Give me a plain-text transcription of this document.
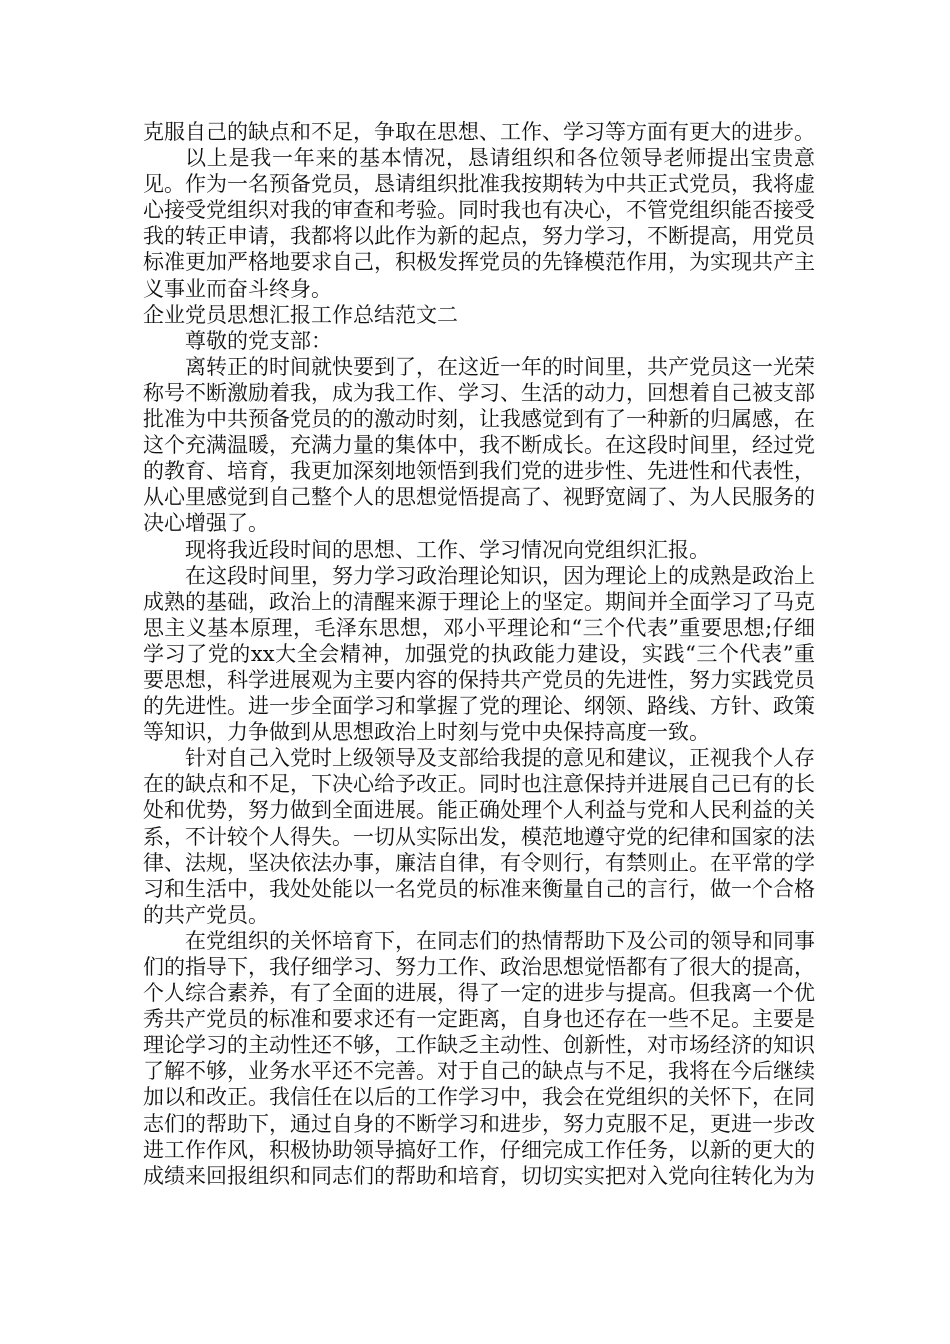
克服自己的缺点和不足，争取在思想、工作、学习等方面有更大的进步。

以上是我一年来的基本情况，恳请组织和各位领导老师提出宝贵意见。作为一名预备党员，恳请组织批准我按期转为中共正式党员，我将虚心接受党组织对我的审查和考验。同时我也有决心，不管党组织能否接受我的转正申请，我都将以此作为新的起点，努力学习，不断提高，用党员标准更加严格地要求自己，积极发挥党员的先锋模范作用，为实现共产主义事业而奋斗终身。

企业党员思想汇报工作总结范文二

尊敬的党支部：

离转正的时间就快要到了，在这近一年的时间里，共产党员这一光荣称号不断激励着我，成为我工作、学习、生活的动力，回想着自己被支部批准为中共预备党员的的激动时刻，让我感觉到有了一种新的归属感，在这个充满温暖，充满力量的集体中，我不断成长。在这段时间里，经过党的教育、培育，我更加深刻地领悟到我们党的进步性、先进性和代表性，从心里感觉到自己整个人的思想觉悟提高了、视野宽阔了、为人民服务的决心增强了。

现将我近段时间的思想、工作、学习情况向党组织汇报。

在这段时间里，努力学习政治理论知识，因为理论上的成熟是政治上成熟的基础，政治上的清醒来源于理论上的坚定。期间并全面学习了马克思主义基本原理，毛泽东思想，邓小平理论和“三个代表”重要思想;仔细学习了党的xx大全会精神，加强党的执政能力建设，实践“三个代表”重要思想，科学进展观为主要内容的保持共产党员的先进性，努力实践党员的先进性。进一步全面学习和掌握了党的理论、纲领、路线、方针、政策等知识，力争做到从思想政治上时刻与党中央保持高度一致。

针对自己入党时上级领导及支部给我提的意见和建议，正视我个人存在的缺点和不足，下决心给予改正。同时也注意保持并进展自己已有的长处和优势，努力做到全面进展。能正确处理个人利益与党和人民利益的关系，不计较个人得失。一切从实际出发，模范地遵守党的纪律和国家的法律、法规，坚决依法办事，廉洁自律，有令则行，有禁则止。在平常的学习和生活中，我处处能以一名党员的标准来衡量自己的言行，做一个合格的共产党员。

在党组织的关怀培育下，在同志们的热情帮助下及公司的领导和同事们的指导下，我仔细学习、努力工作、政治思想觉悟都有了很大的提高，个人综合素养，有了全面的进展，得了一定的进步与提高。但我离一个优秀共产党员的标准和要求还有一定距离，自身也还存在一些不足。主要是理论学习的主动性还不够，工作缺乏主动性、创新性，对市场经济的知识了解不够，业务水平还不完善。对于自己的缺点与不足，我将在今后继续加以和改正。我信任在以后的工作学习中，我会在党组织的关怀下，在同志们的帮助下，通过自身的不断学习和进步，努力克服不足，更进一步改进工作作风，积极协助领导搞好工作，仔细完成工作任务，以新的更大的成绩来回报组织和同志们的帮助和培育，切切实实把对入党向往转化为为
